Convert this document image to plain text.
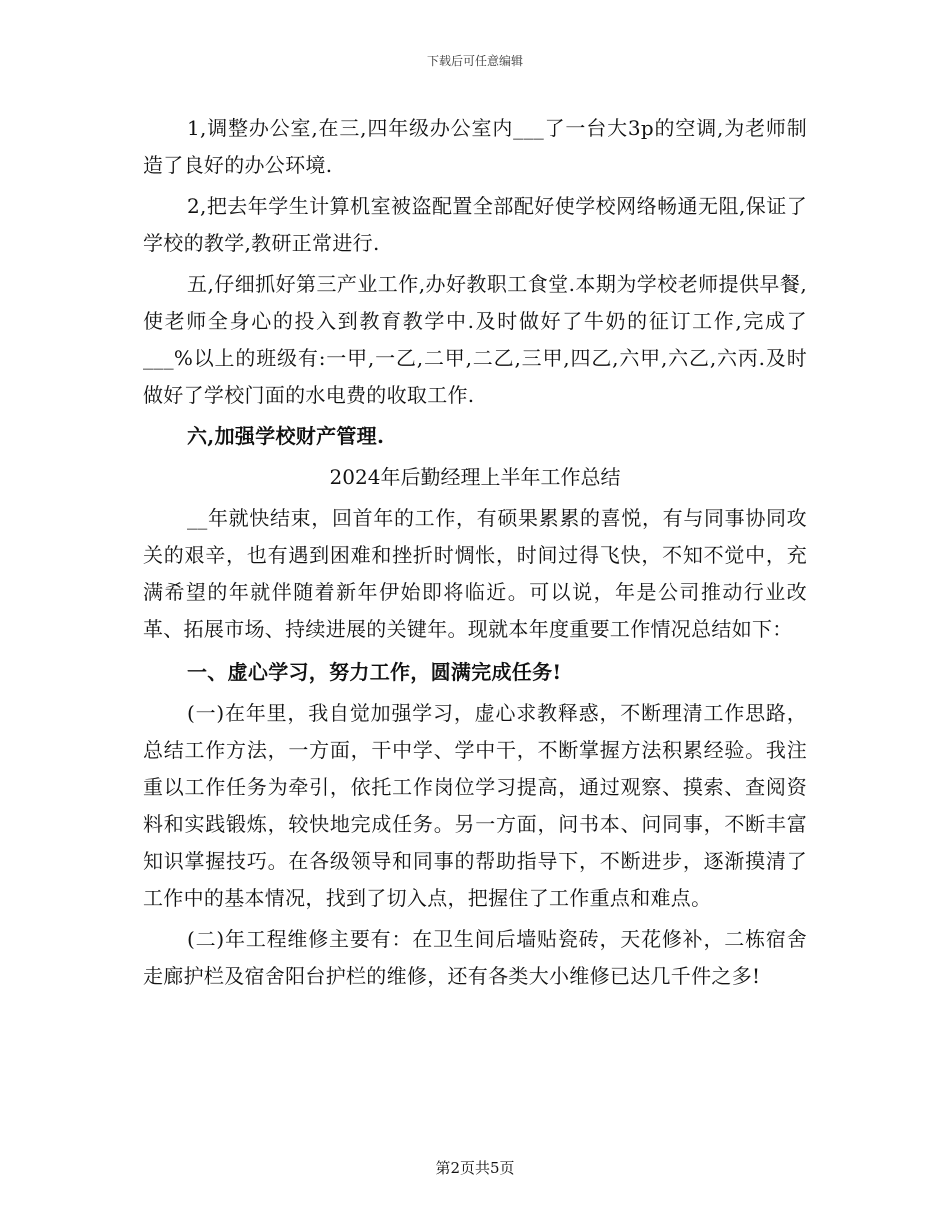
下载后可任意编辑

1,调整办公室,在三,四年级办公室内___了一台大3p的空调,为老师制造了良好的办公环境.

2,把去年学生计算机室被盗配置全部配好使学校网络畅通无阻,保证了学校的教学,教研正常进行.

五,仔细抓好第三产业工作,办好教职工食堂.本期为学校老师提供早餐,使老师全身心的投入到教育教学中.及时做好了牛奶的征订工作,完成了___%以上的班级有:一甲,一乙,二甲,二乙,三甲,四乙,六甲,六乙,六丙.及时做好了学校门面的水电费的收取工作.

六,加强学校财产管理.

2024年后勤经理上半年工作总结

__年就快结束，回首年的工作，有硕果累累的喜悦，有与同事协同攻关的艰辛，也有遇到困难和挫折时惆怅，时间过得飞快，不知不觉中，充满希望的年就伴随着新年伊始即将临近。可以说，年是公司推动行业改革、拓展市场、持续进展的关键年。现就本年度重要工作情况总结如下：

一、虚心学习，努力工作，圆满完成任务!

(一)在年里，我自觉加强学习，虚心求教释惑，不断理清工作思路，总结工作方法，一方面，干中学、学中干，不断掌握方法积累经验。我注重以工作任务为牵引，依托工作岗位学习提高，通过观察、摸索、查阅资料和实践锻炼，较快地完成任务。另一方面，问书本、问同事，不断丰富知识掌握技巧。在各级领导和同事的帮助指导下，不断进步，逐渐摸清了工作中的基本情况，找到了切入点，把握住了工作重点和难点。

(二)年工程维修主要有：在卫生间后墙贴瓷砖，天花修补，二栋宿舍走廊护栏及宿舍阳台护栏的维修，还有各类大小维修已达几千件之多!

第2页共5页
